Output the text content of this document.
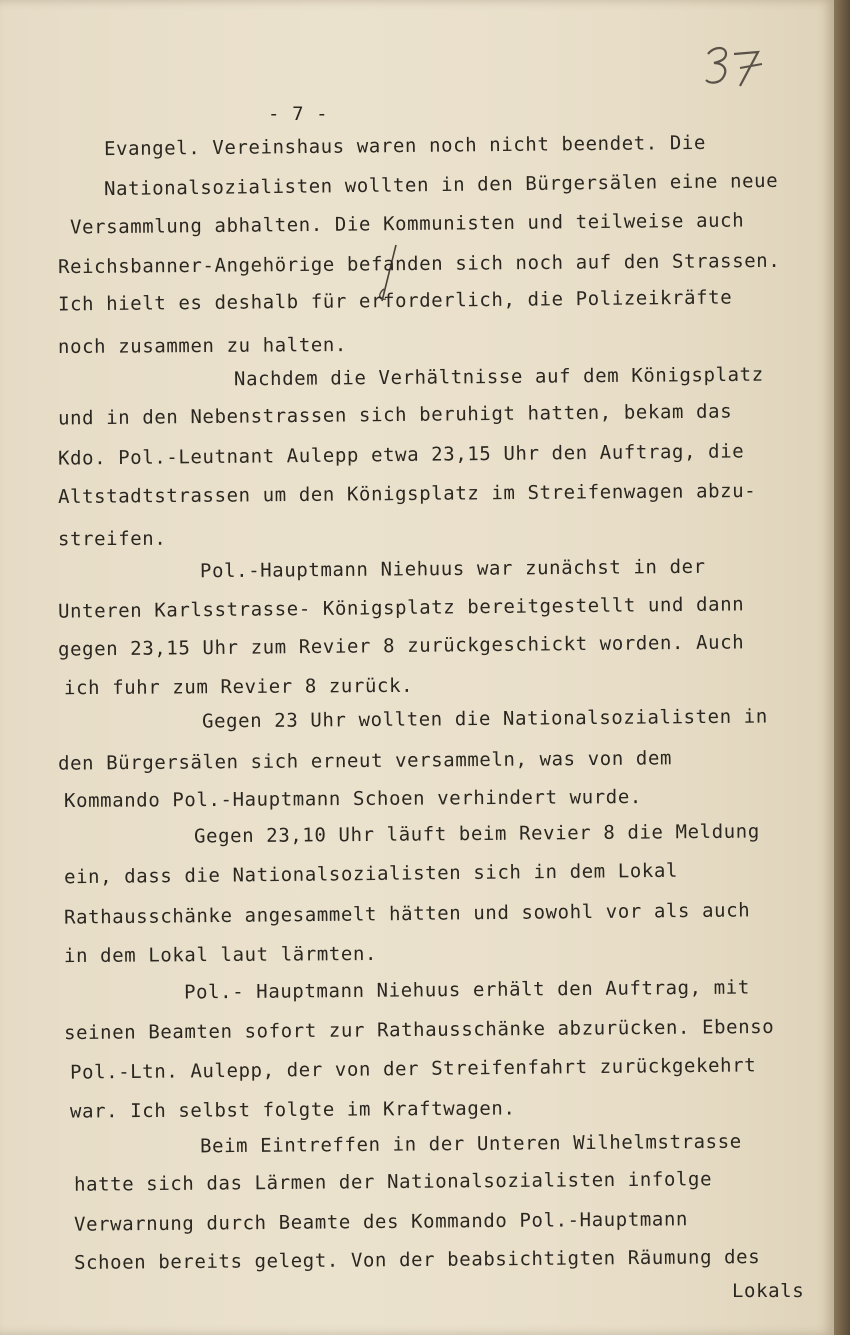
- 7 -
Evangel. Vereinshaus waren noch nicht beendet. Die
Nationalsozialisten wollten in den Bürgersälen eine neue
Versammlung abhalten. Die Kommunisten und teilweise auch
Reichsbanner-Angehörige befanden sich noch auf den Strassen.
Ich hielt es deshalb für erforderlich, die Polizeikräfte
noch zusammen zu halten.
Nachdem die Verhältnisse auf dem Königsplatz
und in den Nebenstrassen sich beruhigt hatten, bekam das
Kdo. Pol.-Leutnant Aulepp etwa 23,15 Uhr den Auftrag, die
Altstadtstrassen um den Königsplatz im Streifenwagen abzu-
streifen.
Pol.-Hauptmann Niehuus war zunächst in der
Unteren Karlsstrasse- Königsplatz bereitgestellt und dann
gegen 23,15 Uhr zum Revier 8 zurückgeschickt worden. Auch
ich fuhr zum Revier 8 zurück.
Gegen 23 Uhr wollten die Nationalsozialisten in
den Bürgersälen sich erneut versammeln, was von dem
Kommando Pol.-Hauptmann Schoen verhindert wurde.
Gegen 23,10 Uhr läuft beim Revier 8 die Meldung
ein, dass die Nationalsozialisten sich in dem Lokal
Rathausschänke angesammelt hätten und sowohl vor als auch
in dem Lokal laut lärmten.
Pol.- Hauptmann Niehuus erhält den Auftrag, mit
seinen Beamten sofort zur Rathausschänke abzurücken. Ebenso
Pol.-Ltn. Aulepp, der von der Streifenfahrt zurückgekehrt
war. Ich selbst folgte im Kraftwagen.
Beim Eintreffen in der Unteren Wilhelmstrasse
hatte sich das Lärmen der Nationalsozialisten infolge
Verwarnung durch Beamte des Kommando Pol.-Hauptmann
Schoen bereits gelegt. Von der beabsichtigten Räumung des
Lokals
